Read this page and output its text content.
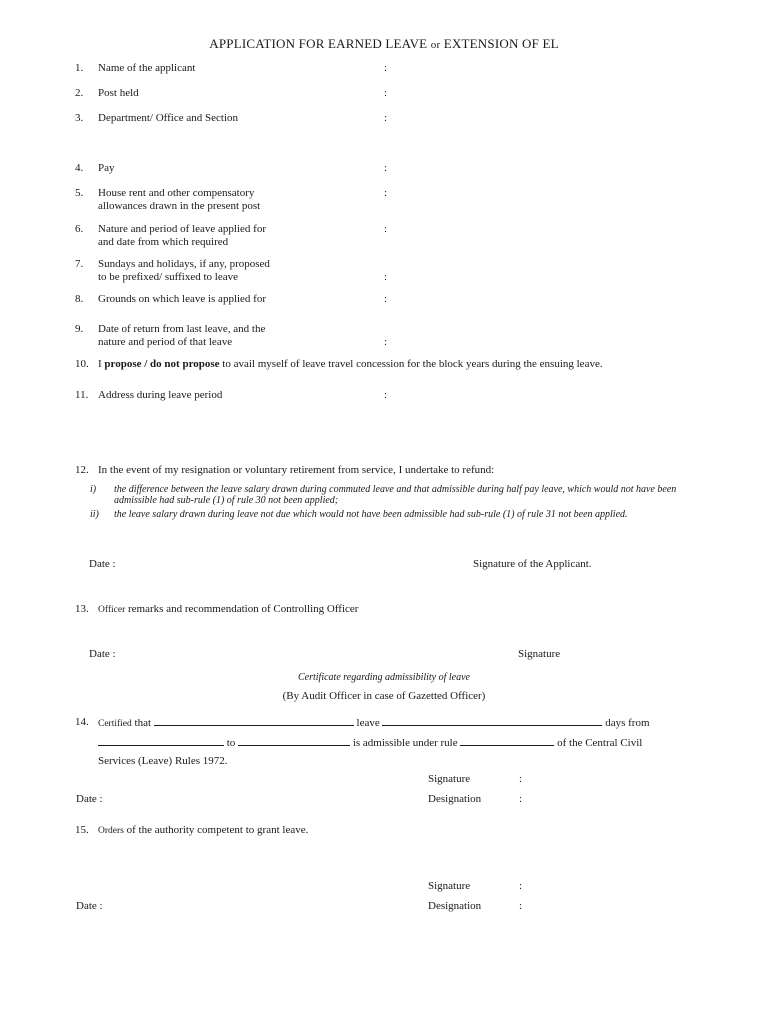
APPLICATION FOR EARNED LEAVE or EXTENSION OF EL
1. Name of the applicant	:
2. Post held	:
3. Department/ Office and Section	:
4. Pay	:
5. House rent and other compensatory
allowances drawn in the present post
:
6. Nature and period of leave applied for
and date from which required
:
7. Sundays and holidays, if any, proposed
to be prefixed/ suffixed to leave	:
8. Grounds on which leave is applied for	:
9. Date of return from last leave, and the
nature and period of that leave	:
10. I propose / do not propose to avail myself of leave travel concession for the block years during the ensuing leave.
11. Address during leave period	:
12. In the event of my resignation or voluntary retirement from service, I undertake to refund:
i) the difference between the leave salary drawn during commuted leave and that admissible during half pay leave, which would not have been admissible had sub-rule (1) of rule 30 not been applied;
ii) the leave salary drawn during leave not due which would not have been admissible had sub-rule (1) of rule 31 not been applied.
Date :	Signature of the Applicant.
13. Officer remarks and recommendation of Controlling Officer
Date :	Signature
Certificate regarding admissibility of leave
(By Audit Officer in case of Gazetted Officer)
14. Certified that	leave	days from
to	is admissible under rule	of the Central Civil
Services (Leave) Rules 1972.
Signature	:
Date :	Designation	:
15. Orders of the authority competent to grant leave.
Signature	:
Date :	Designation	:
